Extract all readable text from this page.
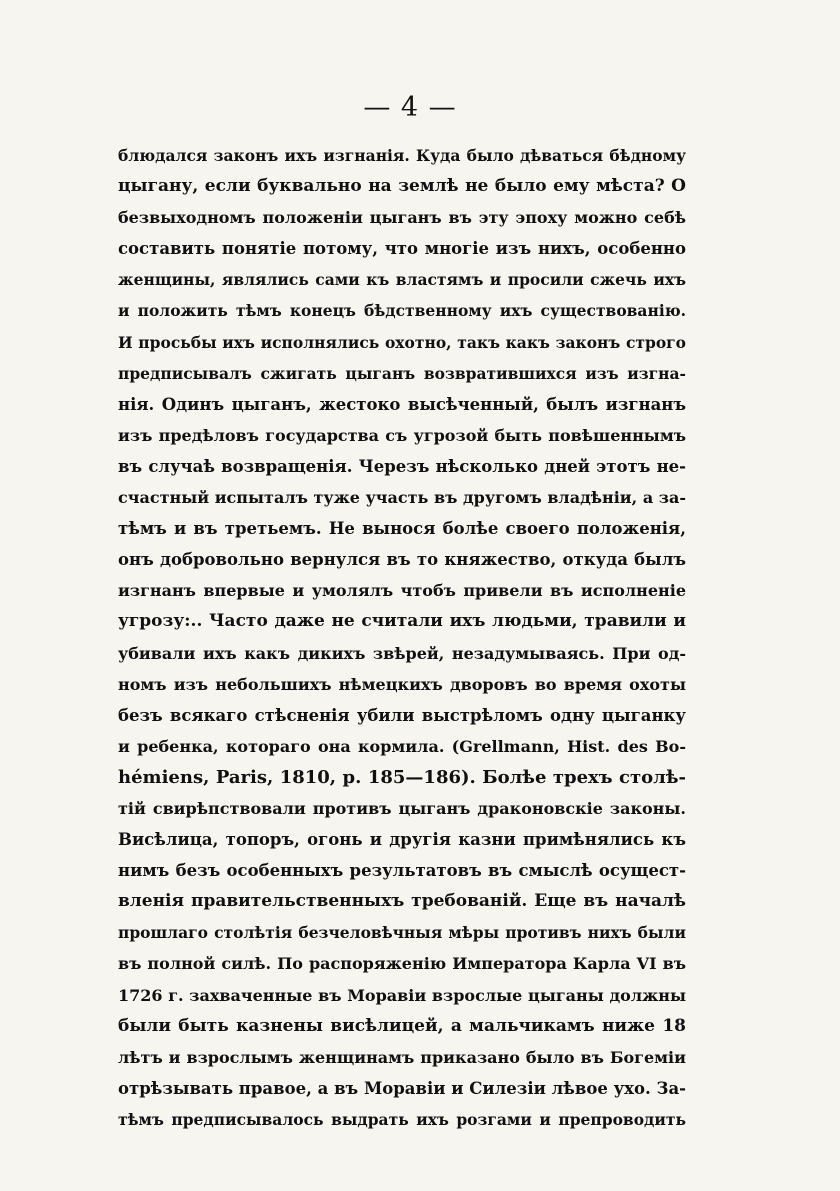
— 4 —
блюдался законъ ихъ изгнанія. Куда было дѣваться бѣдному
цыгану, если буквально на землѣ не было ему мѣста? О
безвыходномъ положеніи цыганъ въ эту эпоху можно себѣ
составить понятіе потому, что многіе изъ нихъ, особенно
женщины, являлись сами къ властямъ и просили сжечь ихъ
и положить тѣмъ конецъ бѣдственному ихъ существованію.
И просьбы ихъ исполнялись охотно, такъ какъ законъ строго
предписывалъ сжигать цыганъ возвратившихся изъ изгна-
нія. Одинъ цыганъ, жестоко высѣченный, былъ изгнанъ
изъ предѣловъ государства съ угрозой быть повѣшеннымъ
въ случаѣ возвращенія. Черезъ нѣсколько дней этотъ не-
счастный испыталъ туже участь въ другомъ владѣніи, а за-
тѣмъ и въ третьемъ. Не вынося болѣе своего положенія,
онъ добровольно вернулся въ то княжество, откуда былъ
изгнанъ впервые и умолялъ чтобъ привели въ исполненіе
угрозу:.. Часто даже не считали ихъ людьми, травили и
убивали ихъ какъ дикихъ звѣрей, незадумываясь. При од-
номъ изъ небольшихъ нѣмецкихъ дворовъ во время охоты
безъ всякаго стѣсненія убили выстрѣломъ одну цыганку
и ребенка, котораго она кормила. (Grellmann, Hist. des Bo-
hémiens, Paris, 1810, p. 185—186). Болѣе трехъ столѣ-
тій свирѣпствовали противъ цыганъ драконовскіе законы.
Висѣлица, топоръ, огонь и другія казни примѣнялись къ
нимъ безъ особенныхъ результатовъ въ смыслѣ осущест-
вленія правительственныхъ требованій. Еще въ началѣ
прошлаго столѣтія безчеловѣчныя мѣры противъ нихъ были
въ полной силѣ. По распоряженію Императора Карла VI въ
1726 г. захваченные въ Моравіи взрослые цыганы должны
были быть казнены висѣлицей, а мальчикамъ ниже 18
лѣтъ и взрослымъ женщинамъ приказано было въ Богеміи
отрѣзывать правое, а въ Моравіи и Силезіи лѣвое ухо. За-
тѣмъ предписывалось выдрать ихъ розгами и препроводить
